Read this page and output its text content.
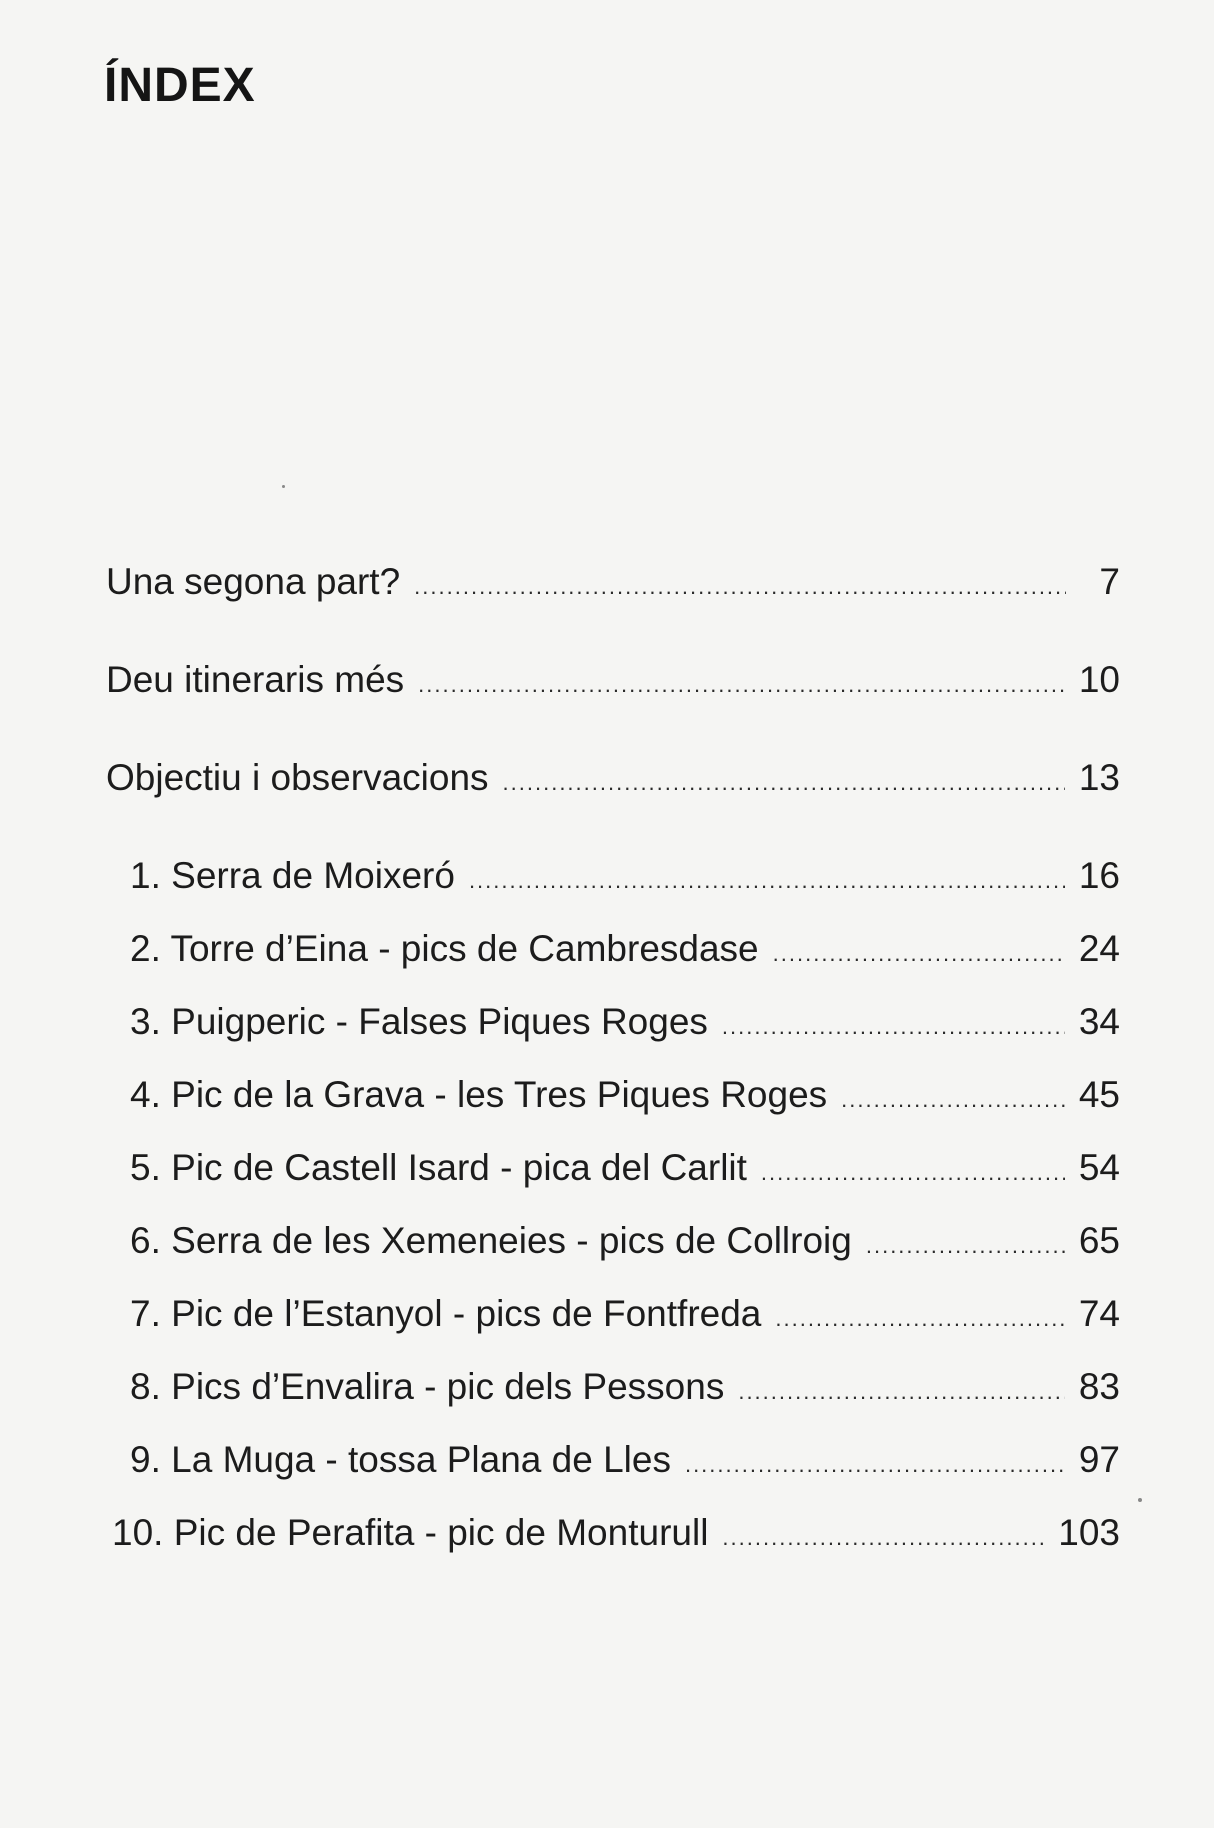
ÍNDEX
Una segona part? .....	7
Deu itineraris més .....	10
Objectiu i observacions .....	13
1. Serra de Moixeró .....	16
2. Torre d’Eina - pics de Cambresdase .....	24
3. Puigperic - Falses Piques Roges .....	34
4. Pic de la Grava - les Tres Piques Roges .....	45
5. Pic de Castell Isard - pica del Carlit .....	54
6. Serra de les Xemeneies - pics de Collroig .....	65
7. Pic de l’Estanyol - pics de Fontfreda .....	74
8. Pics d’Envalira - pic dels Pessons .....	83
9. La Muga - tossa Plana de Lles .....	97
10. Pic de Perafita - pic de Monturull .....	103
